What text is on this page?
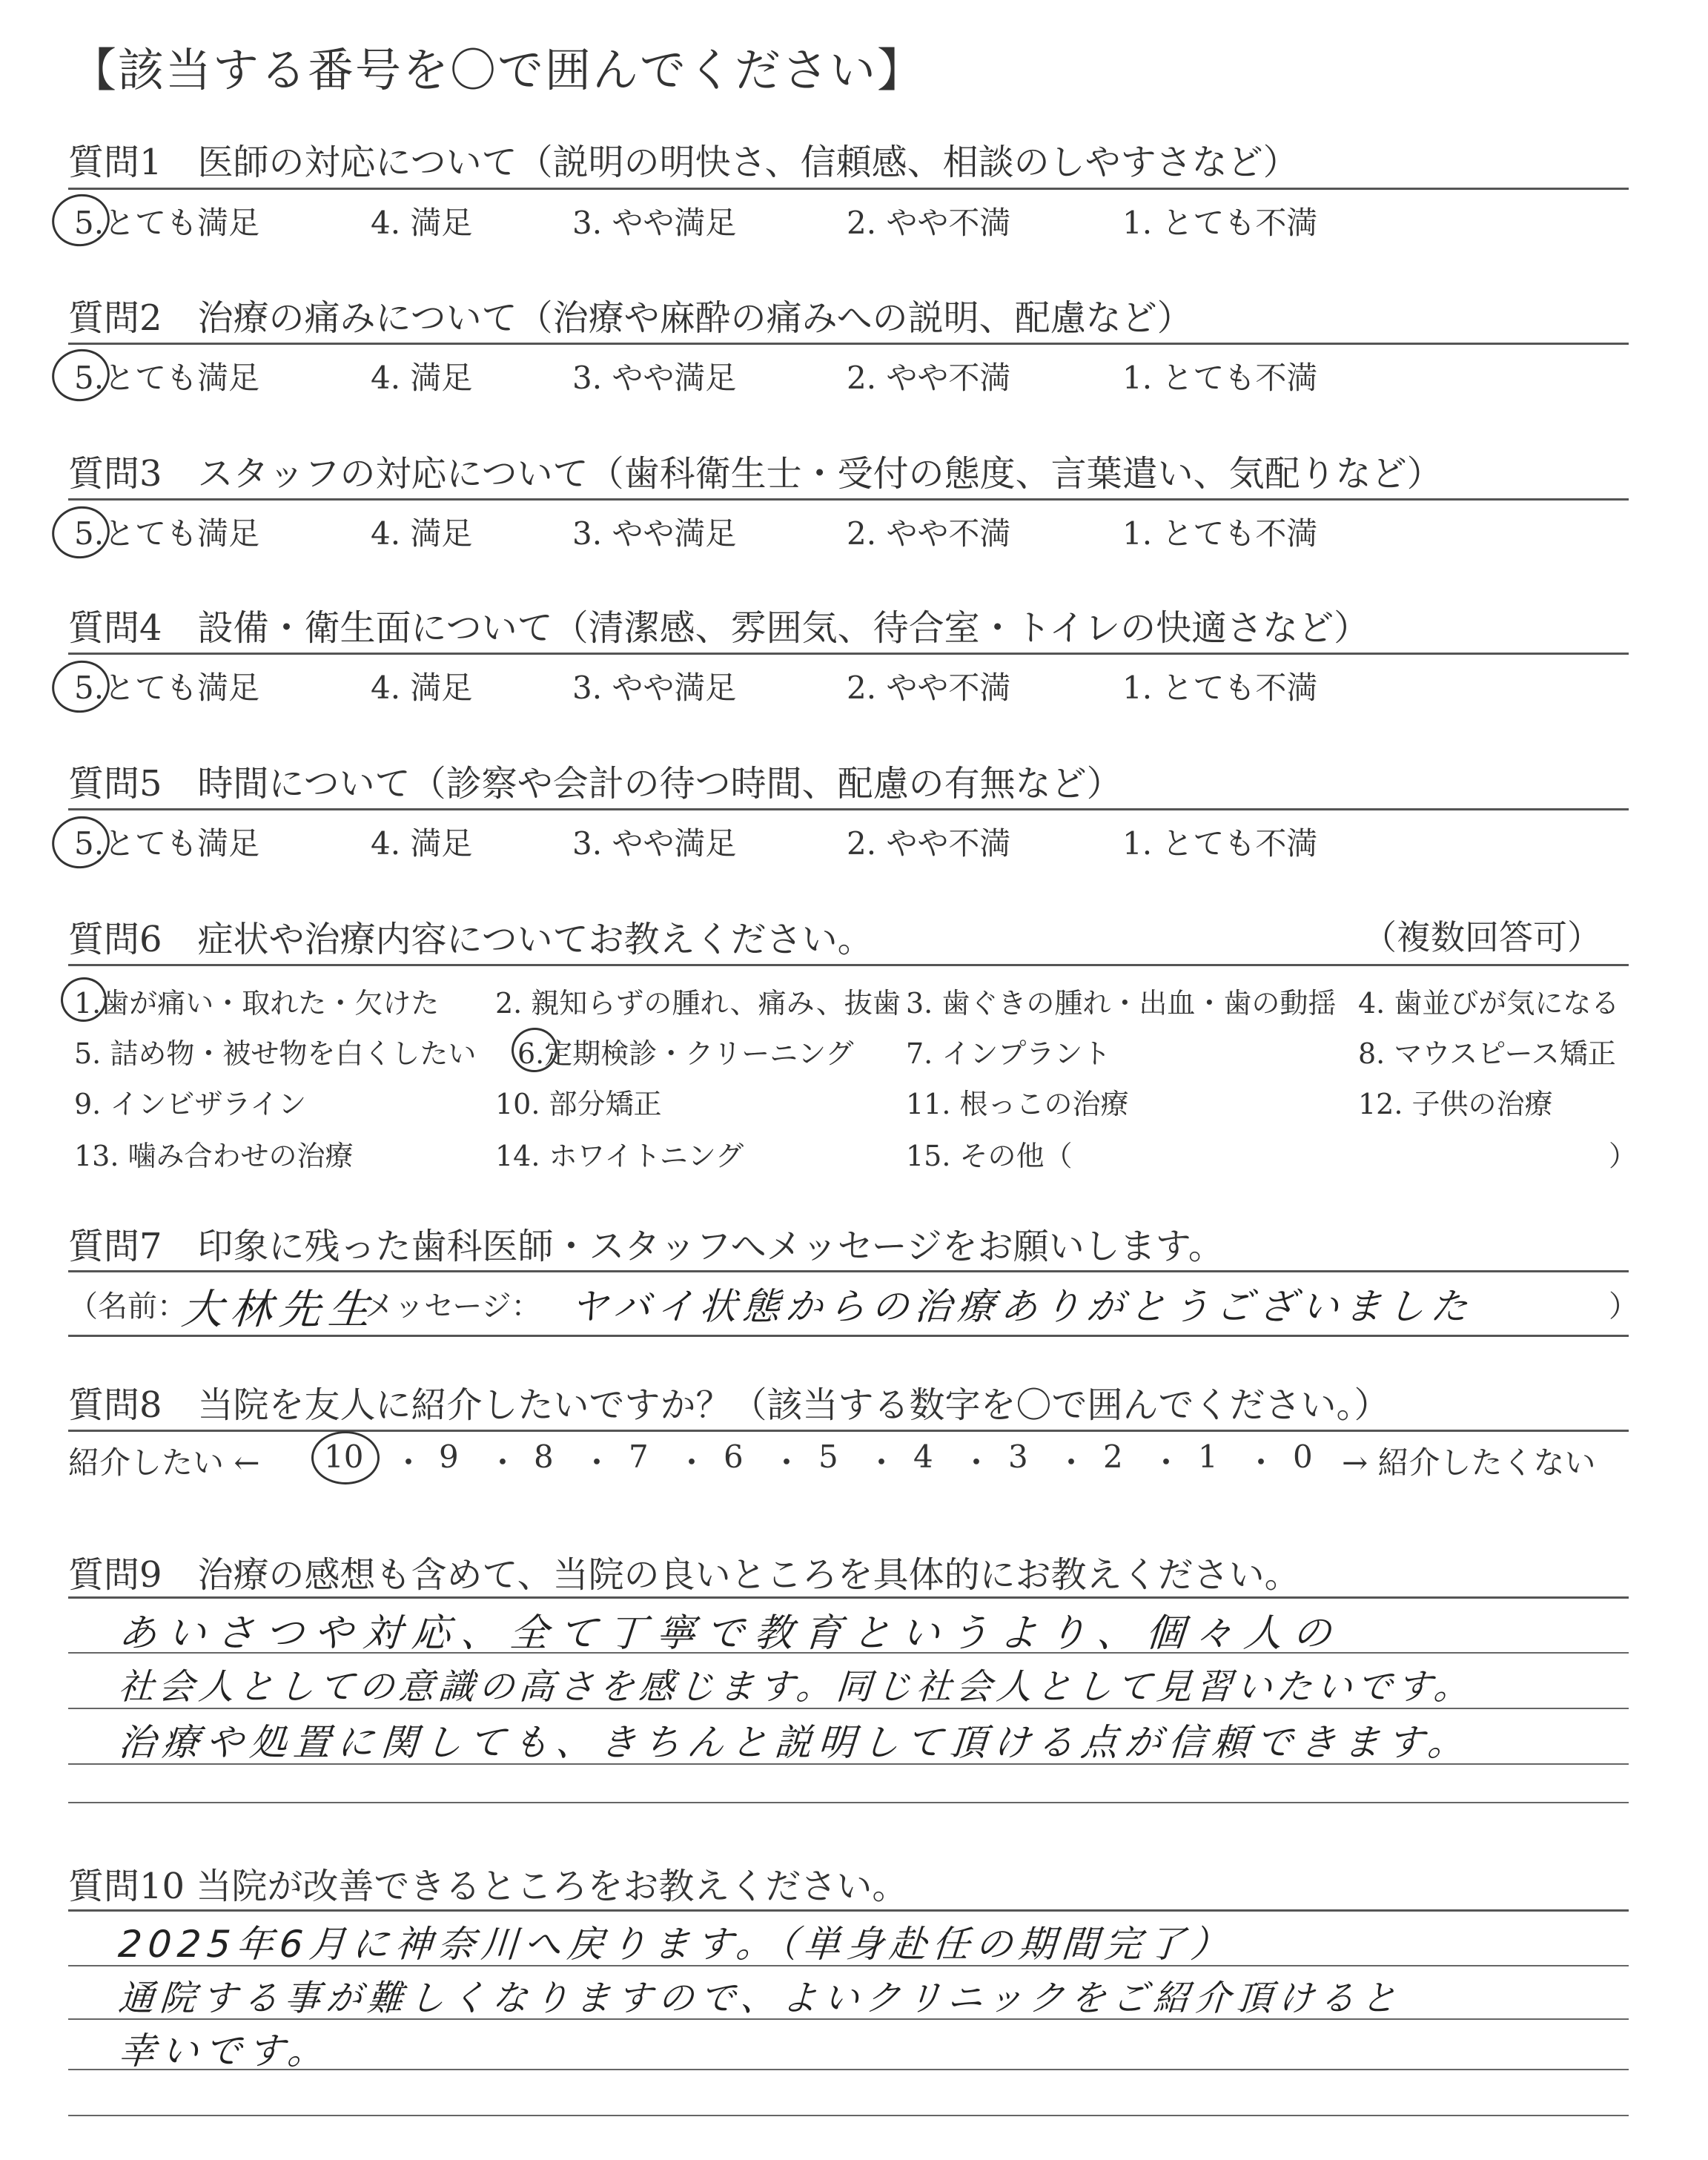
【該当する番号を〇で囲んでください】
質問1　医師の対応について（説明の明快さ、信頼感、相談のしやすさなど）
5.とても満足	4. 満足	3. やや満足	2. やや不満	1. とても不満
質問2　治療の痛みについて（治療や麻酔の痛みへの説明、配慮など）
5.とても満足	4. 満足	3. やや満足	2. やや不満	1. とても不満
質問3　スタッフの対応について（歯科衛生士・受付の態度、言葉遣い、気配りなど）
5.とても満足	4. 満足	3. やや満足	2. やや不満	1. とても不満
質問4　設備・衛生面について（清潔感、雰囲気、待合室・トイレの快適さなど）
5.とても満足	4. 満足	3. やや満足	2. やや不満	1. とても不満
質問5　時間について（診察や会計の待つ時間、配慮の有無など）
5.とても満足	4. 満足	3. やや満足	2. やや不満	1. とても不満
質問6　症状や治療内容についてお教えください。	（複数回答可）
1.歯が痛い・取れた・欠けた 2. 親知らずの腫れ、痛み、抜歯 3. 歯ぐきの腫れ・出血・歯の動揺 4. 歯並びが気になる
5. 詰め物・被せ物を白くしたい 6.定期検診・クリーニング 7. インプラント	8. マウスピース矯正
9. インビザライン	10. 部分矯正	11. 根っこの治療	12. 子供の治療
13. 噛み合わせの治療	14. ホワイトニング	15. その他（	）
質問7　印象に残った歯科医師・スタッフへメッセージをお願いします。
（名前：
大林先生
メッセージ： ヤバイ状態からの治療ありがとうございました	）
質問8　当院を友人に紹介したいですか？（該当する数字を〇で囲んでください。）
紹介したい ← 10 ・ 9 ・ 8 ・ 7 ・ 6 ・ 5 ・ 4 ・ 3 ・ 2 ・ 1 ・ 0 → 紹介したくない
質問9　治療の感想も含めて、当院の良いところを具体的にお教えください。
あいさつや対応、全て丁寧で教育というより、個々人の
社会人としての意識の高さを感じます。同じ社会人として見習いたいです。
治療や処置に関しても、きちんと説明して頂ける点が信頼できます。
質問10 当院が改善できるところをお教えください。
2025年6月に神奈川へ戻ります。（単身赴任の期間完了）
通院する事が難しくなりますので、よいクリニックをご紹介頂けると
幸いです。
